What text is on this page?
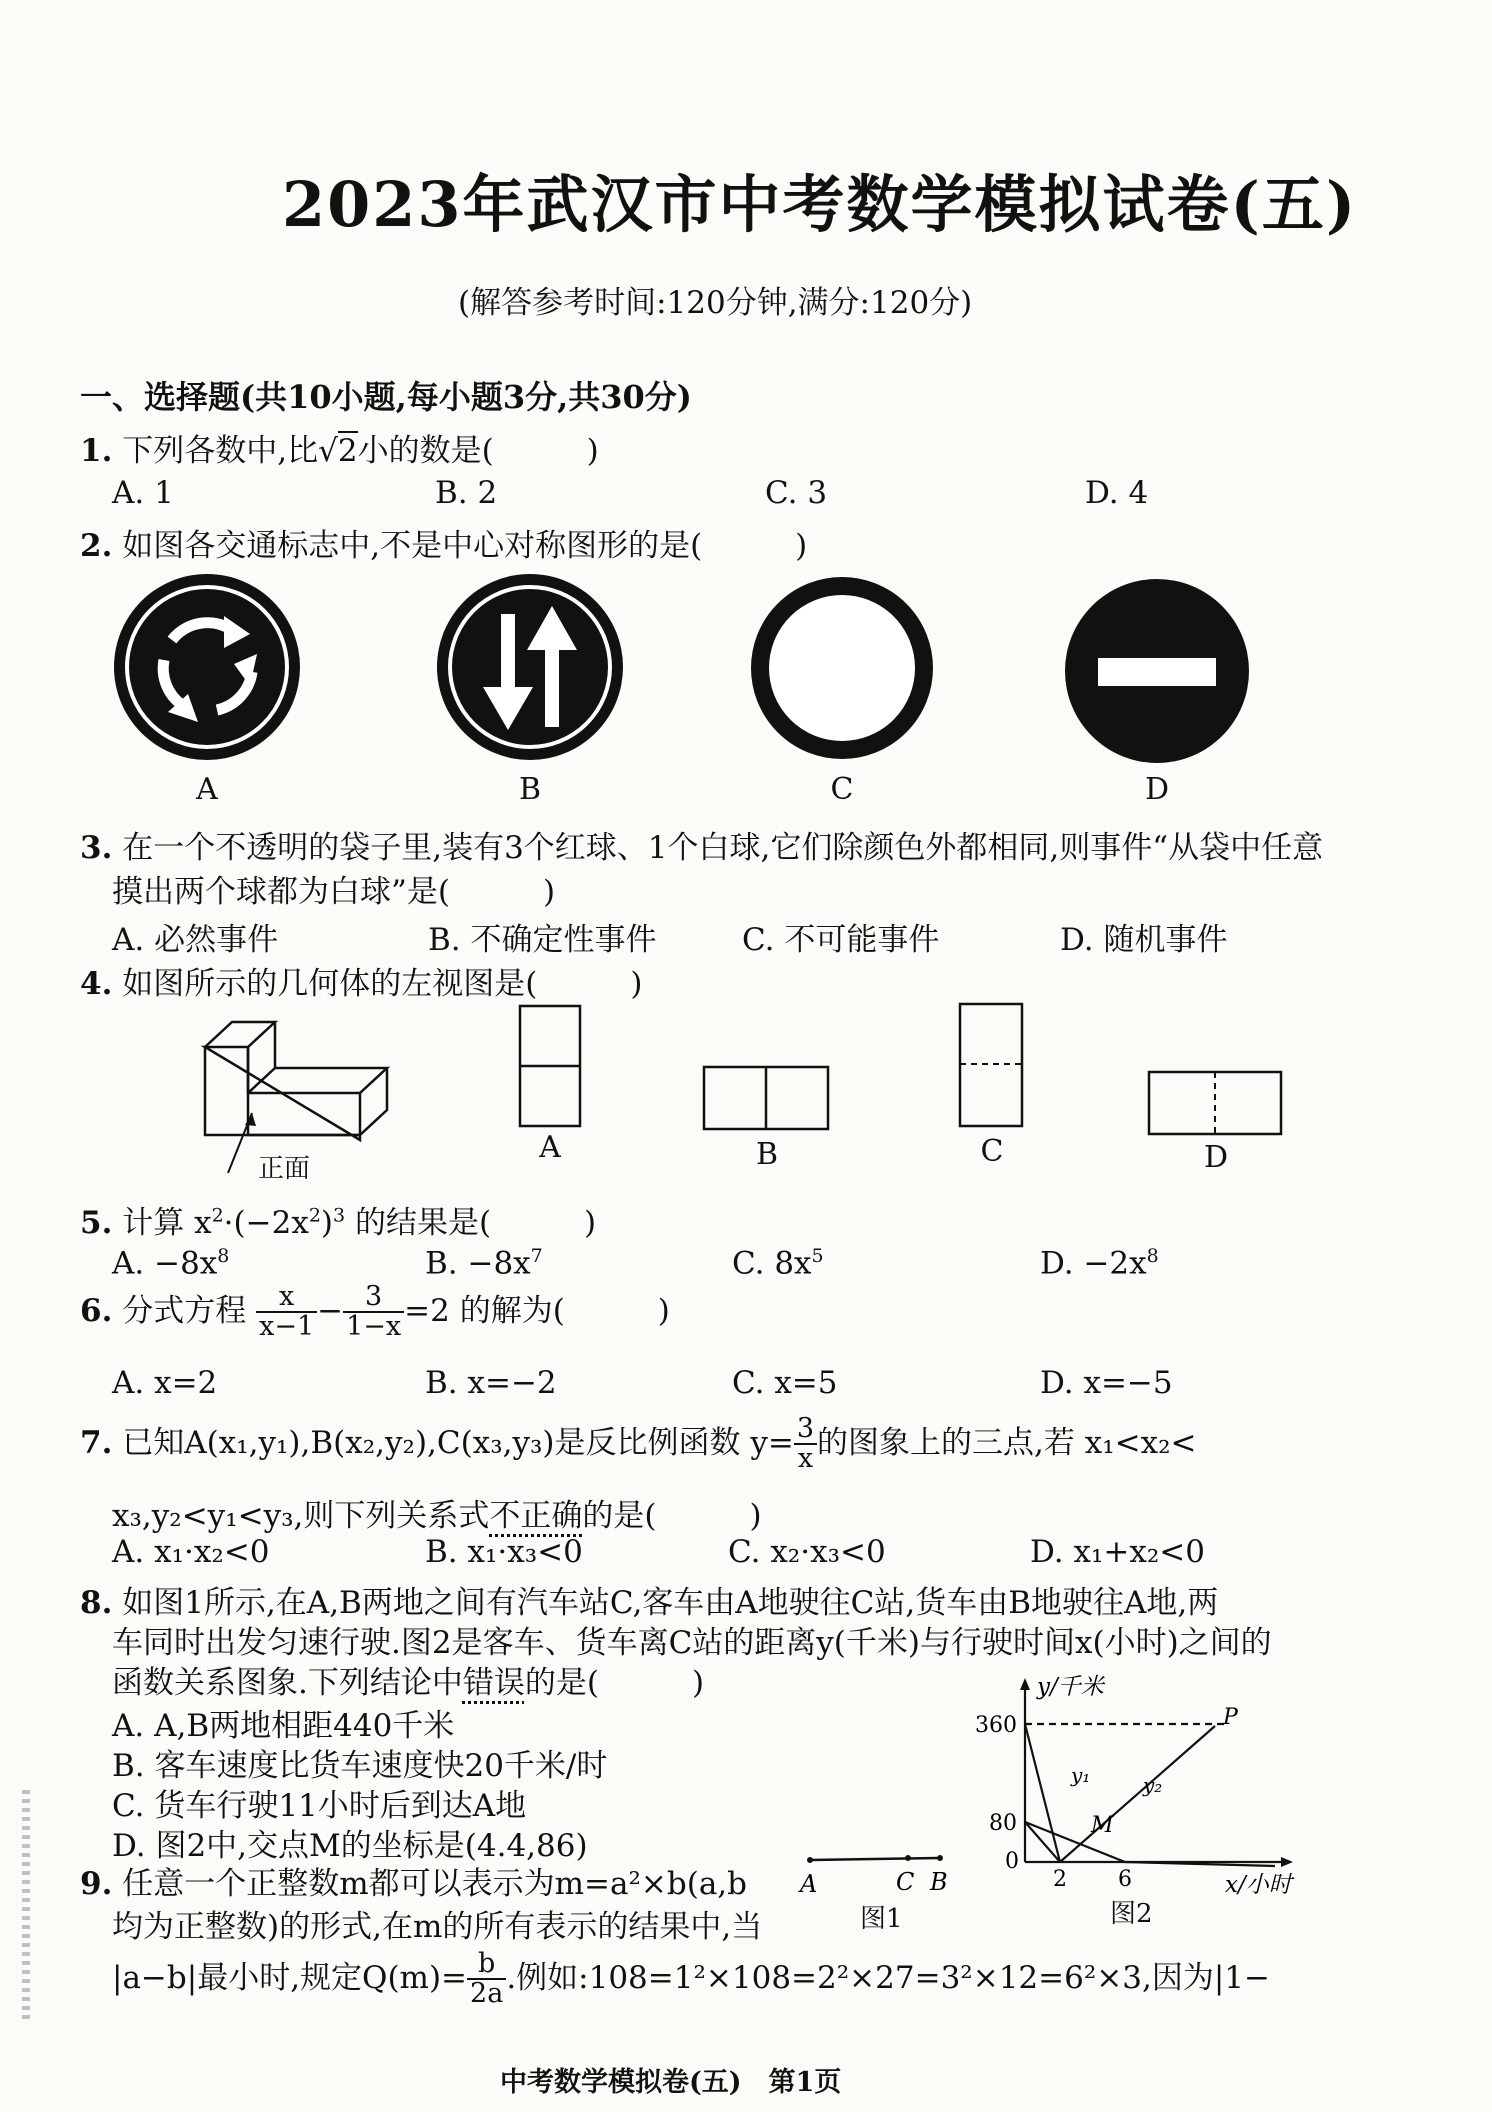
2023年武汉市中考数学模拟试卷(五)
(解答参考时间:120分钟,满分:120分)
一、选择题(共10小题,每小题3分,共30分)
1. 下列各数中,比√2小的数是(　　　)
A. 1	B. 2	C. 3	D. 4
2. 如图各交通标志中,不是中心对称图形的是(　　　)
A	B	C	D
3. 在一个不透明的袋子里,装有3个红球、1个白球,它们除颜色外都相同,则事件“从袋中任意
摸出两个球都为白球”是(　　　)
A. 必然事件	B. 不确定性事件	C. 不可能事件	D. 随机事件
4. 如图所示的几何体的左视图是(　　　)
正面
A	B	C	D
5. 计算 $x^2\cdot(-2x^2)^3$ 的结果是(　　　)
A. $-8x^8$	B. $-8x^7$	C. $8x^5$	D. $-2x^8$
6. 分式方程 $\frac{x}{x-1} - \frac{3}{1-x} =2$ 的解为(　　　)
A. x=2	B. x=−2	C. x=5	D. x=−5
7. 已知A(x₁,y₁),B(x₂,y₂),C(x₃,y₃)是反比例函数 $y= \frac{3}{x}$ 的图象上的三点,若 x₁<x₂<
x₃,y₂<y₁<y₃,则下列关系式不正确的是(　　　)
A. x₁·x₂<0	B. x₁·x₃<0	C. x₂·x₃<0	D. x₁+x₂<0
8. 如图1所示,在A,B两地之间有汽车站C,客车由A地驶往C站,货车由B地驶往A地,两
车同时出发匀速行驶.图2是客车、货车离C站的距离y(千米)与行驶时间x(小时)之间的
函数关系图象.下列结论中错误的是(　　　)
A. A,B两地相距440千米
B. 客车速度比货车速度快20千米/时
C. 货车行驶11小时后到达A地
D. 图2中,交点M的坐标是(4.4,86)
A	C B
图1
y/千米
x/小时
360
80
0
2 6
P
y₁	y₂
M
图2
9. 任意一个正整数m都可以表示为m=a²×b(a,b
均为正整数)的形式,在m的所有表示的结果中,当
|a−b|最小时,规定$Q(m)= \frac{b}{2a}$ .例如:108=1²×108=2²×27=3²×12=6²×3,因为|1−
中考数学模拟卷(五)　第1页
